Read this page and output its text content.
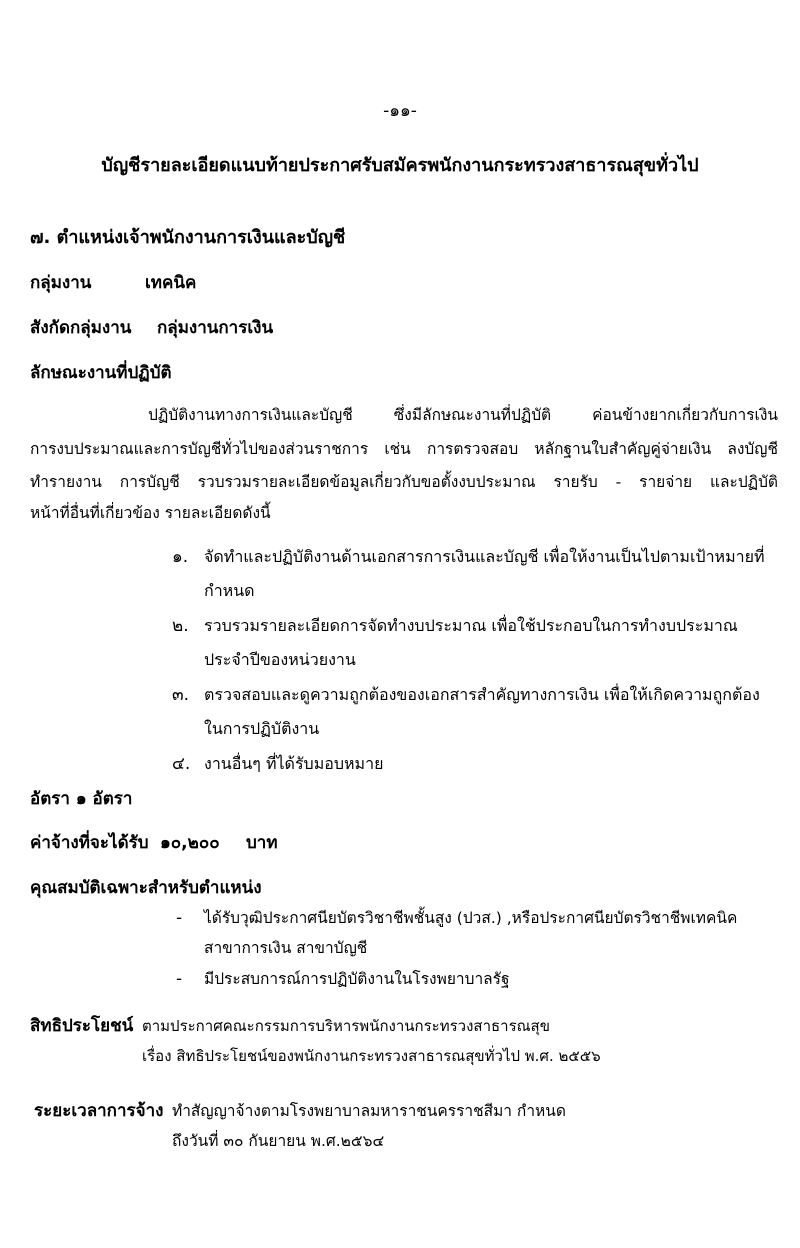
-๑๑-
บัญชีรายละเอียดแนบท้ายประกาศรับสมัครพนักงานกระทรวงสาธารณสุขทั่วไป
๗. ตำแหน่งเจ้าพนักงานการเงินและบัญชี
กลุ่มงาน	เทคนิค
สังกัดกลุ่มงาน กลุ่มงานการเงิน
ลักษณะงานที่ปฏิบัติ
ปฏิบัติงานทางการเงินและบัญชี ซึ่งมีลักษณะงานที่ปฏิบัติ ค่อนข้างยากเกี่ยวกับการเงิน
การงบประมาณและการบัญชีทั่วไปของส่วนราชการ เช่น การตรวจสอบ หลักฐานใบสำคัญคู่จ่ายเงิน ลงบัญชี
ทำรายงาน การบัญชี รวบรวมรายละเอียดข้อมูลเกี่ยวกับขอตั้งงบประมาณ รายรับ - รายจ่าย และปฏิบัติ
หน้าที่อื่นที่เกี่ยวข้อง รายละเอียดดังนี้
๑. จัดทำและปฏิบัติงานด้านเอกสารการเงินและบัญชี เพื่อให้งานเป็นไปตามเป้าหมายที่
กำหนด
๒. รวบรวมรายละเอียดการจัดทำงบประมาณ เพื่อใช้ประกอบในการทำงบประมาณ
ประจำปีของหน่วยงาน
๓. ตรวจสอบและดูความถูกต้องของเอกสารสำคัญทางการเงิน เพื่อให้เกิดความถูกต้อง
ในการปฏิบัติงาน
๔. งานอื่นๆ ที่ได้รับมอบหมาย
อัตรา ๑ อัตรา
ค่าจ้างที่จะได้รับ ๑๐,๒๐๐ บาท
คุณสมบัติเฉพาะสำหรับตำแหน่ง
- ได้รับวุฒิประกาศนียบัตรวิชาชีพชั้นสูง (ปวส.) ,หรือประกาศนียบัตรวิชาชีพเทคนิค
สาขาการเงิน สาขาบัญชี
- มีประสบการณ์การปฏิบัติงานในโรงพยาบาลรัฐ
สิทธิประโยชน์ ตามประกาศคณะกรรมการบริหารพนักงานกระทรวงสาธารณสุข
เรื่อง สิทธิประโยชน์ของพนักงานกระทรวงสาธารณสุขทั่วไป พ.ศ. ๒๕๕๖
ระยะเวลาการจ้าง ทำสัญญาจ้างตามโรงพยาบาลมหาราชนครราชสีมา กำหนด
ถึงวันที่ ๓๐ กันยายน พ.ศ.๒๕๖๔
